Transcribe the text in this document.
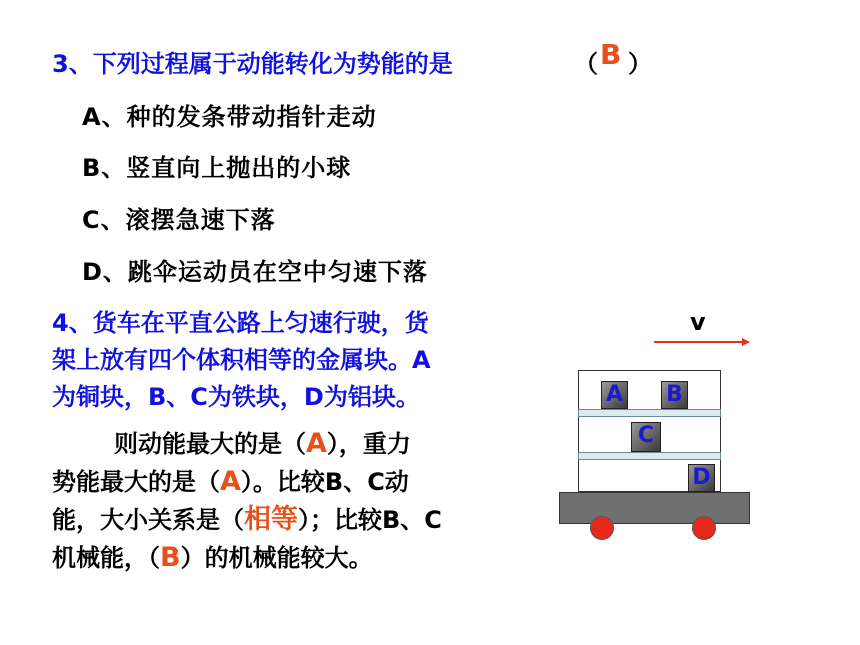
3、下列过程属于动能转化为势能的是	（ B ）
A、种的发条带动指针走动
B、竖直向上抛出的小球
C、滚摆急速下落
D、跳伞运动员在空中匀速下落
4、货车在平直公路上匀速行驶，货
架上放有四个体积相等的金属块。A
为铜块，B、C为铁块，D为铝块。
则动能最大的是（A），重力
势能最大的是（A）。比较B、C动
能，大小关系是（相等）；比较B、C
机械能，（B）的机械能较大。
v
A B
C
D
